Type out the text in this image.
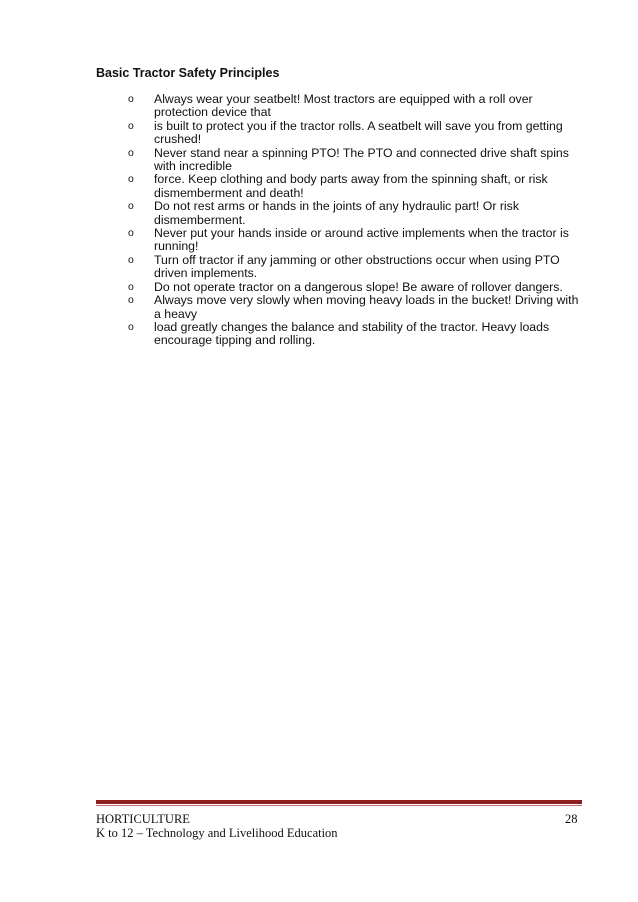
Basic Tractor Safety Principles
o Always wear your seatbelt! Most tractors are equipped with a roll over protection device that
o is built to protect you if the tractor rolls. A seatbelt will save you from getting crushed!
o Never stand near a spinning PTO! The PTO and connected drive shaft spins with incredible
o force. Keep clothing and body parts away from the spinning shaft, or risk dismemberment and death!
o Do not rest arms or hands in the joints of any hydraulic part! Or risk dismemberment.
o Never put your hands inside or around active implements when the tractor is running!
o Turn off tractor if any jamming or other obstructions occur when using PTO driven implements.
o Do not operate tractor on a dangerous slope! Be aware of rollover dangers.
o Always move very slowly when moving heavy loads in the bucket! Driving with a heavy
o load greatly changes the balance and stability of the tractor. Heavy loads encourage tipping and rolling.
HORTICULTURE
K to 12 – Technology and Livelihood Education
28
